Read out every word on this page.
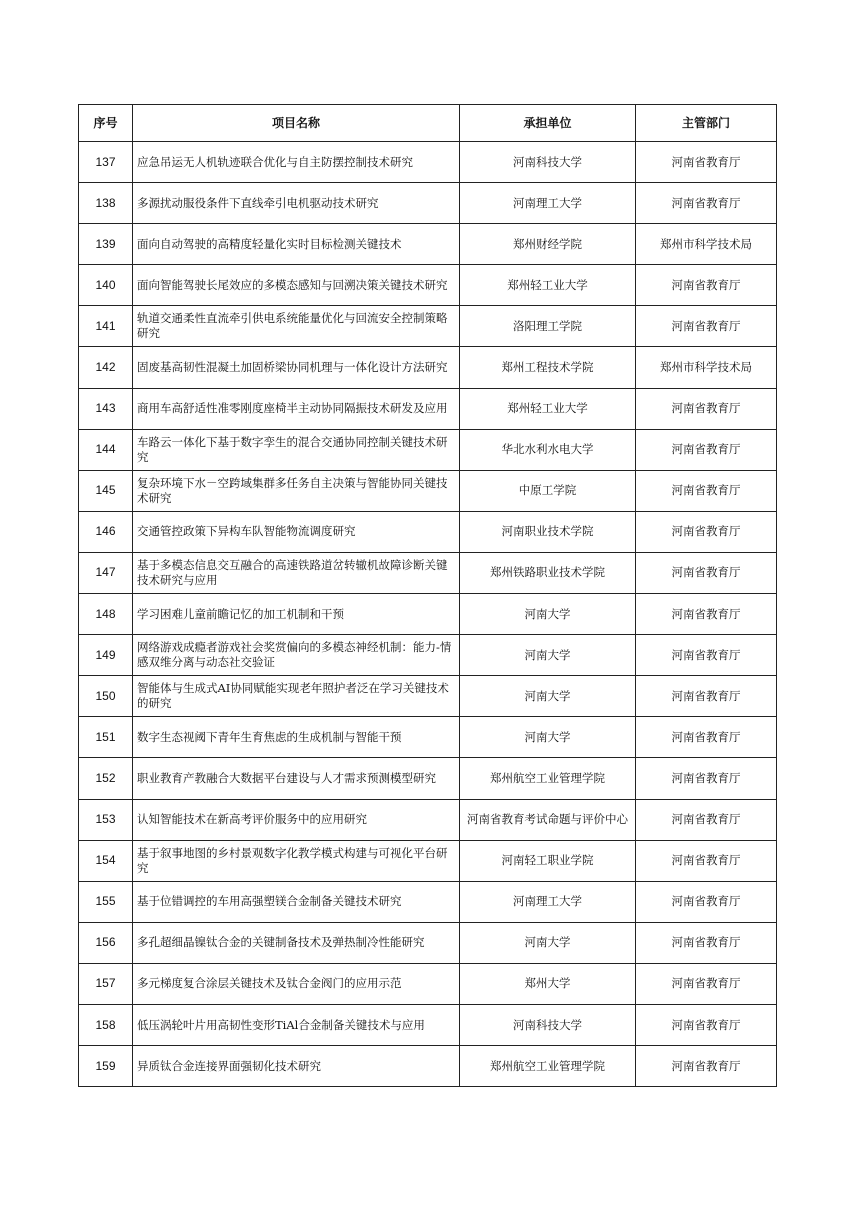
序号	项目名称	承担单位	主管部门
137	应急吊运无人机轨迹联合优化与自主防摆控制技术研究	河南科技大学	河南省教育厅
138	多源扰动服役条件下直线牵引电机驱动技术研究	河南理工大学	河南省教育厅
139	面向自动驾驶的高精度轻量化实时目标检测关键技术	郑州财经学院	郑州市科学技术局
140	面向智能驾驶长尾效应的多模态感知与回溯决策关键技术研究	郑州轻工业大学	河南省教育厅
141	轨道交通柔性直流牵引供电系统能量优化与回流安全控制策略研究	洛阳理工学院	河南省教育厅
142	固废基高韧性混凝土加固桥梁协同机理与一体化设计方法研究	郑州工程技术学院	郑州市科学技术局
143	商用车高舒适性准零刚度座椅半主动协同隔振技术研发及应用	郑州轻工业大学	河南省教育厅
144	车路云一体化下基于数字孪生的混合交通协同控制关键技术研究	华北水利水电大学	河南省教育厅
145	复杂环境下水－空跨域集群多任务自主决策与智能协同关键技术研究	中原工学院	河南省教育厅
146	交通管控政策下异构车队智能物流调度研究	河南职业技术学院	河南省教育厅
147	基于多模态信息交互融合的高速铁路道岔转辙机故障诊断关键技术研究与应用	郑州铁路职业技术学院	河南省教育厅
148	学习困难儿童前瞻记忆的加工机制和干预	河南大学	河南省教育厅
149	网络游戏成瘾者游戏社会奖赏偏向的多模态神经机制：能力-情感双维分离与动态社交验证	河南大学	河南省教育厅
150	智能体与生成式AI协同赋能实现老年照护者泛在学习关键技术的研究	河南大学	河南省教育厅
151	数字生态视阈下青年生育焦虑的生成机制与智能干预	河南大学	河南省教育厅
152	职业教育产教融合大数据平台建设与人才需求预测模型研究	郑州航空工业管理学院	河南省教育厅
153	认知智能技术在新高考评价服务中的应用研究	河南省教育考试命题与评价中心	河南省教育厅
154	基于叙事地图的乡村景观数字化教学模式构建与可视化平台研究	河南轻工职业学院	河南省教育厅
155	基于位错调控的车用高强塑镁合金制备关键技术研究	河南理工大学	河南省教育厅
156	多孔超细晶镍钛合金的关键制备技术及弹热制冷性能研究	河南大学	河南省教育厅
157	多元梯度复合涂层关键技术及钛合金阀门的应用示范	郑州大学	河南省教育厅
158	低压涡轮叶片用高韧性变形TiAl合金制备关键技术与应用	河南科技大学	河南省教育厅
159	异质钛合金连接界面强韧化技术研究	郑州航空工业管理学院	河南省教育厅
